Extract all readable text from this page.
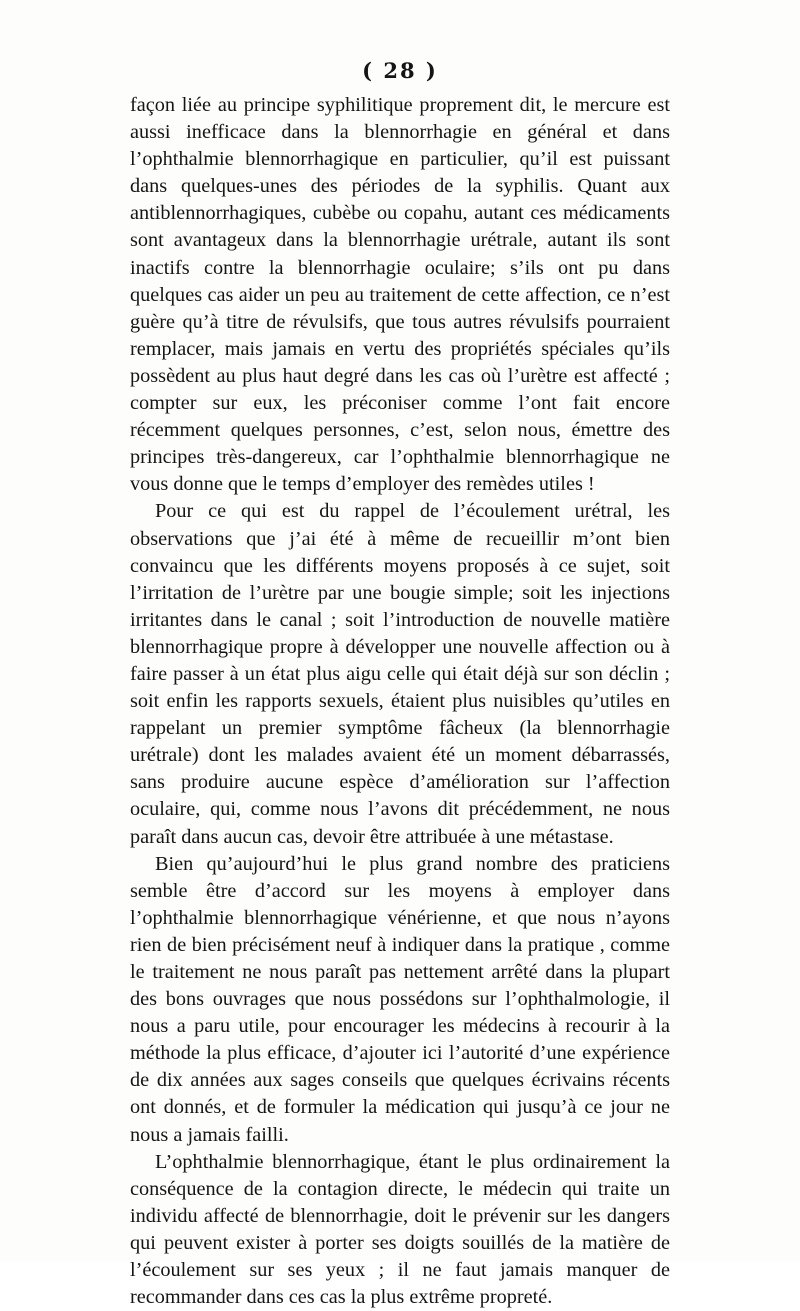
( 28 )

façon liée au principe syphilitique proprement dit, le mercure est aussi inefficace dans la blennorrhagie en général et dans l’ophthalmie blennorrhagique en particulier, qu’il est puissant dans quelques-unes des périodes de la syphilis. Quant aux antiblennorrhagiques, cubèbe ou copahu, autant ces médicaments sont avantageux dans la blennorrhagie urétrale, autant ils sont inactifs contre la blennorrhagie oculaire; s’ils ont pu dans quelques cas aider un peu au traitement de cette affection, ce n’est guère qu’à titre de révulsifs, que tous autres révulsifs pourraient remplacer, mais jamais en vertu des propriétés spéciales qu’ils possèdent au plus haut degré dans les cas où l’urètre est affecté ; compter sur eux, les préconiser comme l’ont fait encore récemment quelques personnes, c’est, selon nous, émettre des principes très-dangereux, car l’ophthalmie blennorrhagique ne vous donne que le temps d’employer des remèdes utiles !

Pour ce qui est du rappel de l’écoulement urétral, les observations que j’ai été à même de recueillir m’ont bien convaincu que les différents moyens proposés à ce sujet, soit l’irritation de l’urètre par une bougie simple; soit les injections irritantes dans le canal ; soit l’introduction de nouvelle matière blennorrhagique propre à développer une nouvelle affection ou à faire passer à un état plus aigu celle qui était déjà sur son déclin ; soit enfin les rapports sexuels, étaient plus nuisibles qu’utiles en rappelant un premier symptôme fâcheux (la blennorrhagie urétrale) dont les malades avaient été un moment débarrassés, sans produire aucune espèce d’amélioration sur l’affection oculaire, qui, comme nous l’avons dit précédemment, ne nous paraît dans aucun cas, devoir être attribuée à une métastase.

Bien qu’aujourd’hui le plus grand nombre des praticiens semble être d’accord sur les moyens à employer dans l’ophthalmie blennorrhagique vénérienne, et que nous n’ayons rien de bien précisément neuf à indiquer dans la pratique , comme le traitement ne nous paraît pas nettement arrêté dans la plupart des bons ouvrages que nous possédons sur l’ophthalmologie, il nous a paru utile, pour encourager les médecins à recourir à la méthode la plus efficace, d’ajouter ici l’autorité d’une expérience de dix années aux sages conseils que quelques écrivains récents ont donnés, et de formuler la médication qui jusqu’à ce jour ne nous a jamais failli.

L’ophthalmie blennorrhagique, étant le plus ordinairement la conséquence de la contagion directe, le médecin qui traite un individu affecté de blennorrhagie, doit le prévenir sur les dangers qui peuvent exister à porter ses doigts souillés de la matière de l’écoulement sur ses yeux ; il ne faut jamais manquer de recommander dans ces cas la plus extrême propreté.
